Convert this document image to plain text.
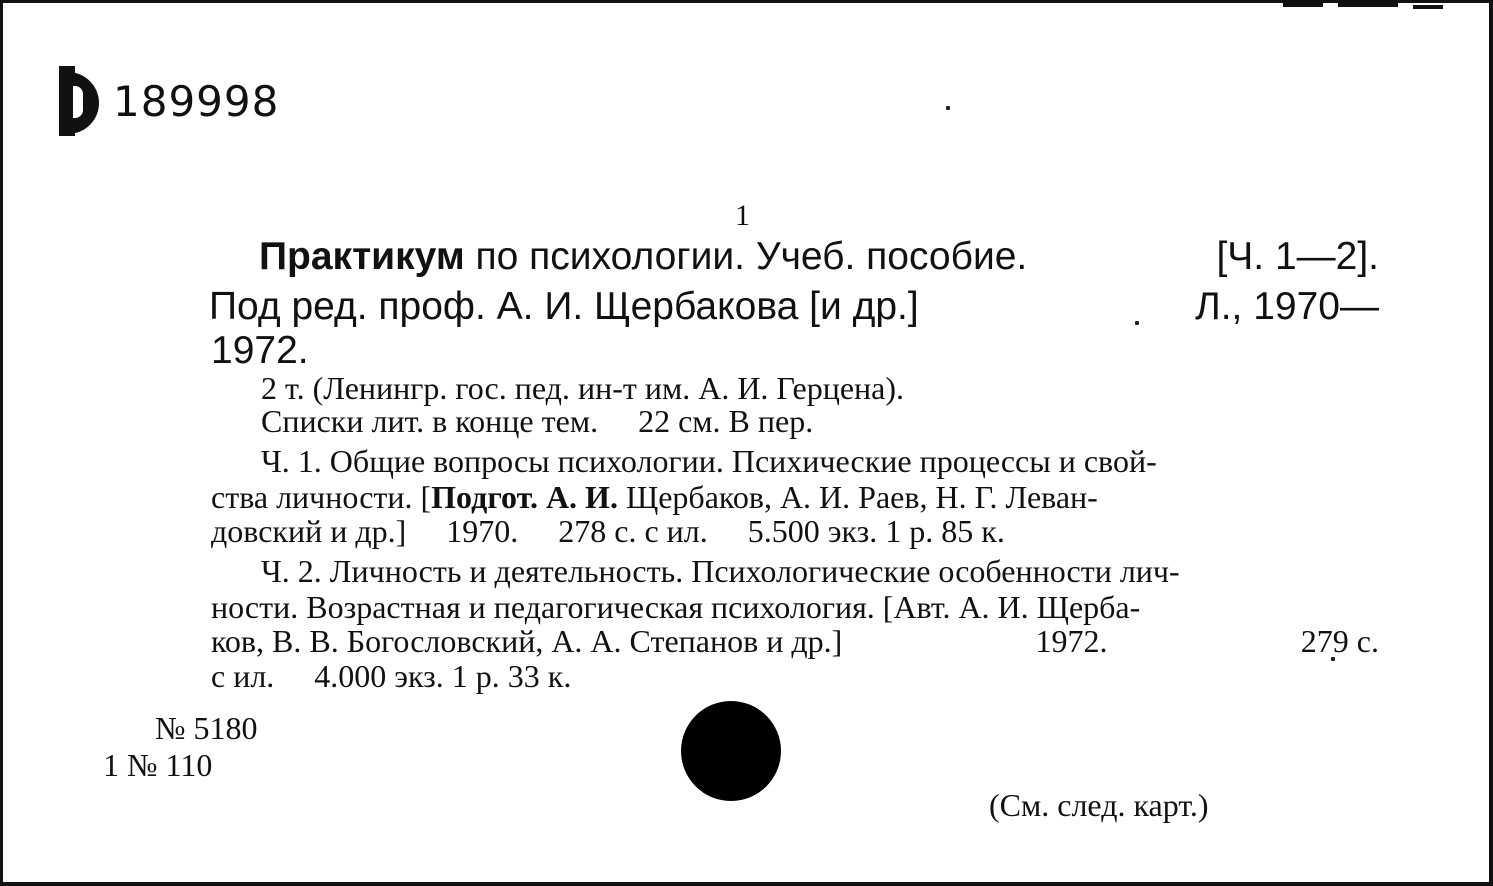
189998
1
Практикум по психологии. Учеб. пособие.	[Ч. 1—2].
Под ред. проф. А. И. Щербакова [и др.]	Л., 1970—
1972.
2 т. (Ленингр. гос. пед. ин-т им. А. И. Герцена).
Списки лит. в конце тем.     22 см. В пер.
Ч. 1. Общие вопросы психологии. Психические процессы и свой-
ства личности. [Подгот. А. И. Щербаков, А. И. Раев, Н. Г. Леван-
довский и др.]     1970.     278 с. с ил.     5.500 экз. 1 р. 85 к.
Ч. 2. Личность и деятельность. Психологические особенности лич-
ности. Возрастная и педагогическая психология. [Авт. А. И. Щерба-
ков, В. В. Богословский, А. А. Степанов и др.]	1972.	279 с.
с ил.     4.000 экз. 1 р. 33 к.
№ 5180
1 № 110
(См. след. карт.)
